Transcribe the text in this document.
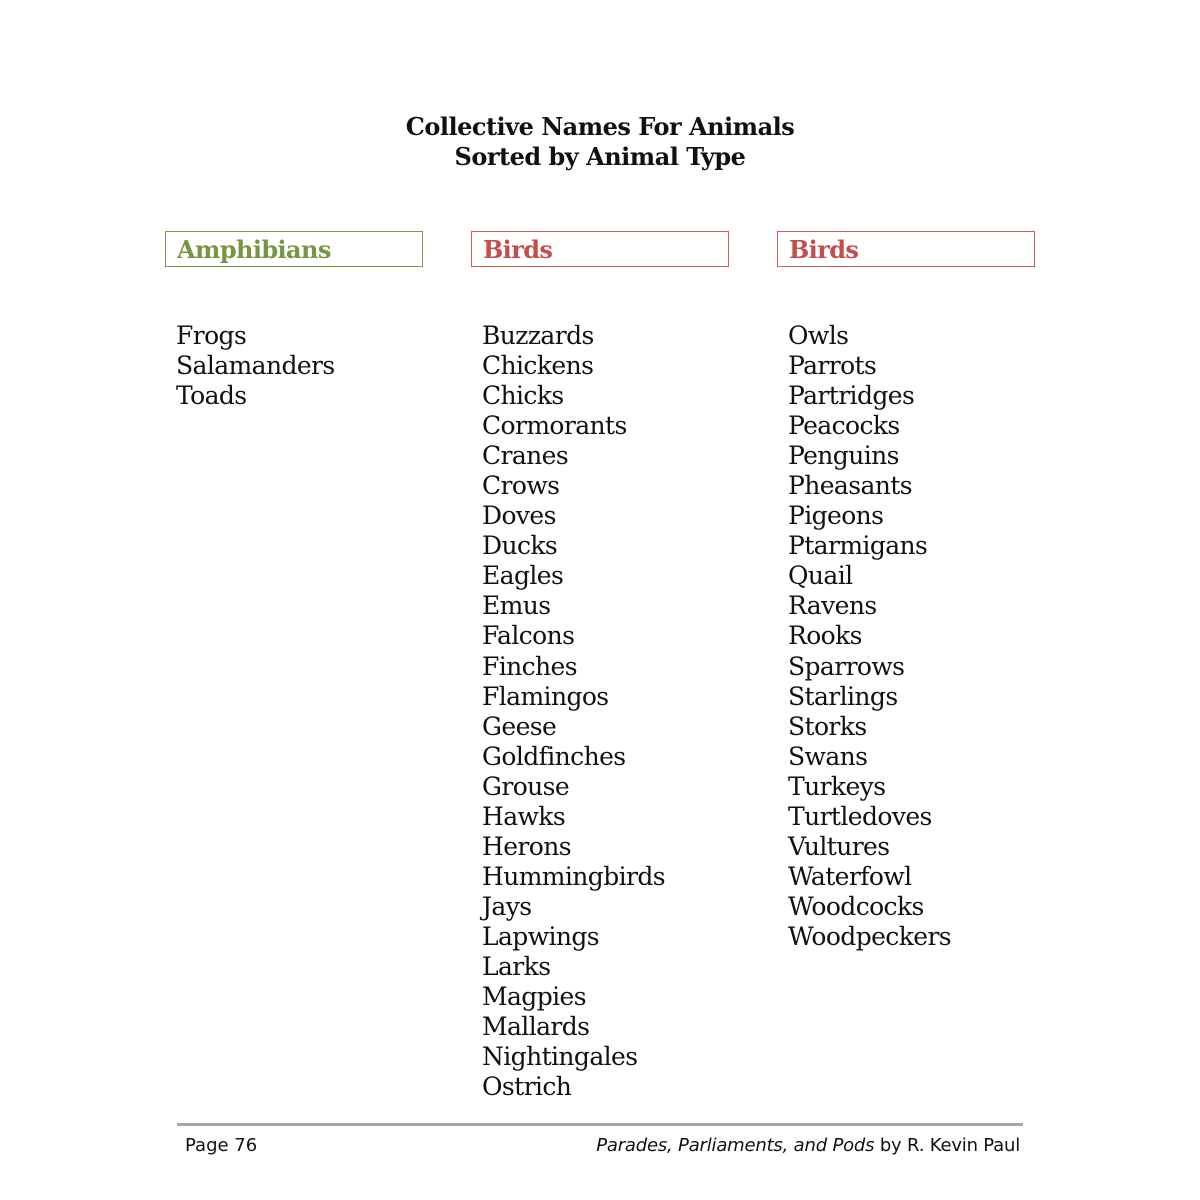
Collective Names For Animals
Sorted by Animal Type
Amphibians
Frogs
Salamanders
Toads
Birds
Buzzards
Chickens
Chicks
Cormorants
Cranes
Crows
Doves
Ducks
Eagles
Emus
Falcons
Finches
Flamingos
Geese
Goldfinches
Grouse
Hawks
Herons
Hummingbirds
Jays
Lapwings
Larks
Magpies
Mallards
Nightingales
Ostrich
Birds
Owls
Parrots
Partridges
Peacocks
Penguins
Pheasants
Pigeons
Ptarmigans
Quail
Ravens
Rooks
Sparrows
Starlings
Storks
Swans
Turkeys
Turtledoves
Vultures
Waterfowl
Woodcocks
Woodpeckers
Page 76	Parades, Parliaments, and Pods by R. Kevin Paul
